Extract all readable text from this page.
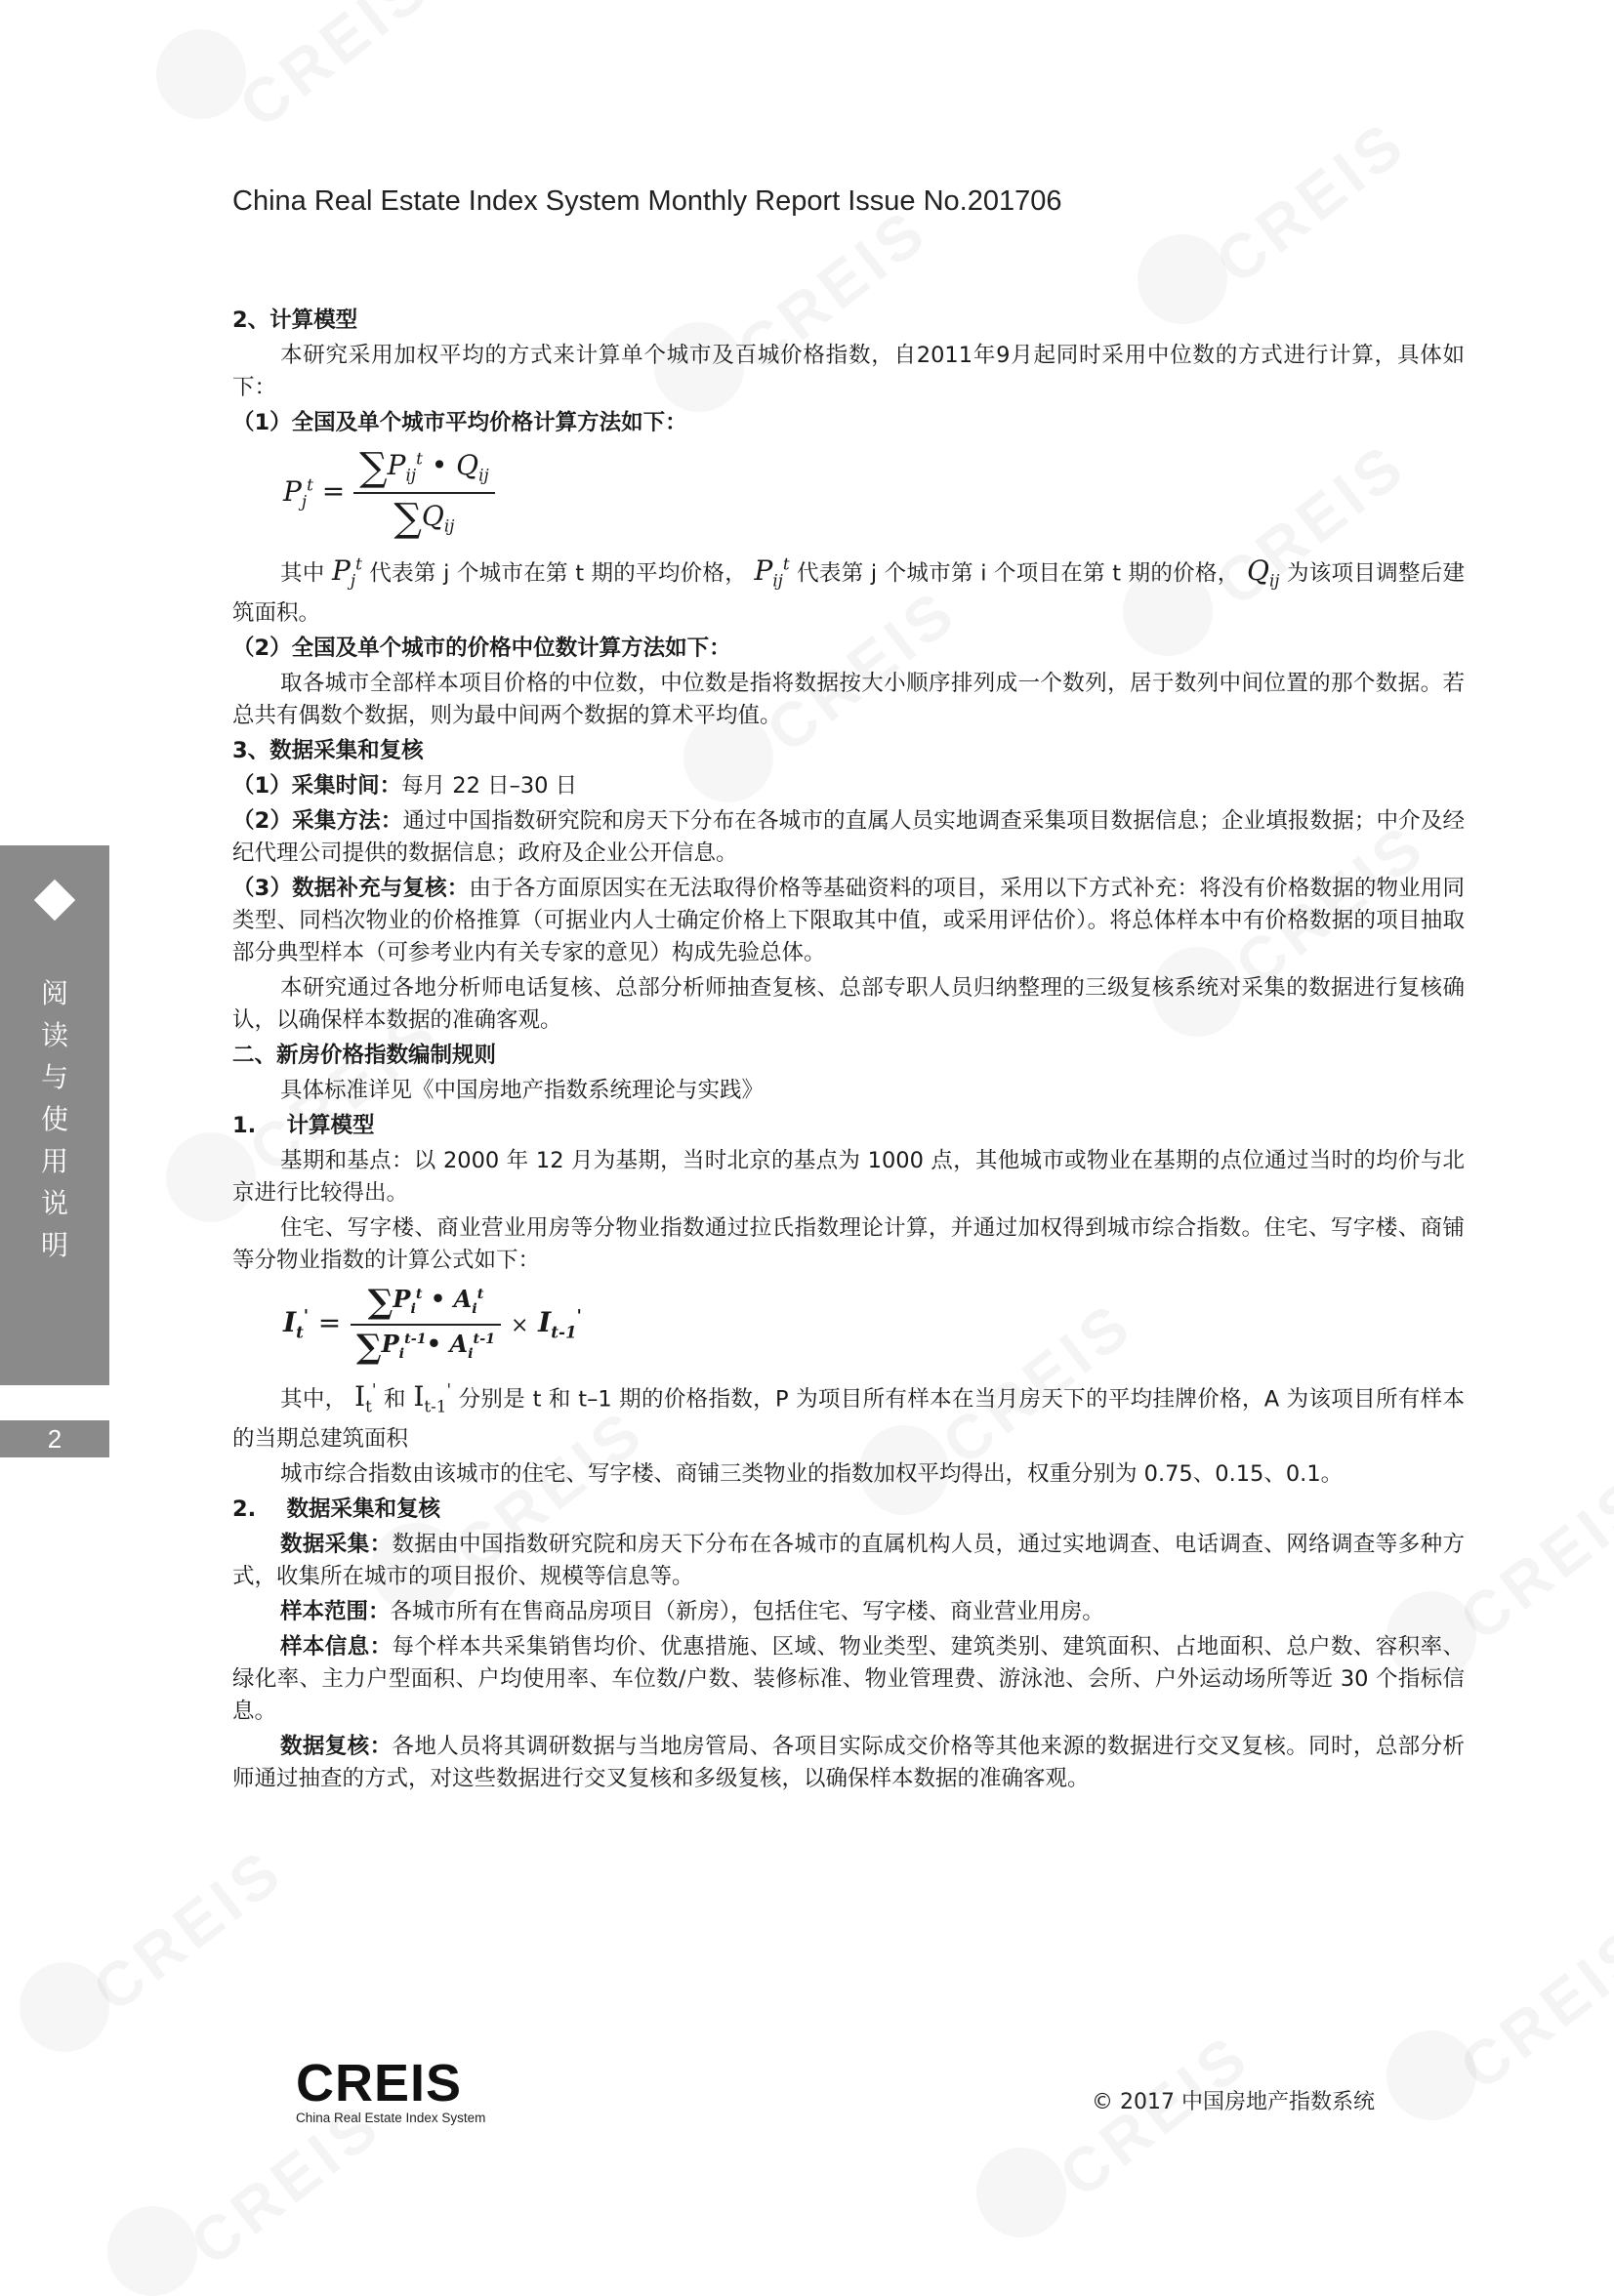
China Real Estate Index System Monthly Report Issue No.201706

2、计算模型

本研究采用加权平均的方式来计算单个城市及百城价格指数，自2011年9月起同时采用中位数的方式进行计算，具体如下：

（1）全国及单个城市平均价格计算方法如下：

$P_j^t = \frac{\sum P_{ij}^t • Q_{ij}}{\sum Q_{ij}}$

其中 $P_j^t$ 代表第 j 个城市在第 t 期的平均价格， $P_{ij}^t$ 代表第 j 个城市第 i 个项目在第 t 期的价格， $Q_{ij}$ 为该项目调整后建筑面积。

（2）全国及单个城市的价格中位数计算方法如下：

取各城市全部样本项目价格的中位数，中位数是指将数据按大小顺序排列成一个数列，居于数列中间位置的那个数据。若总共有偶数个数据，则为最中间两个数据的算术平均值。

3、数据采集和复核

（1）采集时间：每月 22 日–30 日

（2）采集方法：通过中国指数研究院和房天下分布在各城市的直属人员实地调查采集项目数据信息；企业填报数据；中介及经纪代理公司提供的数据信息；政府及企业公开信息。

（3）数据补充与复核：由于各方面原因实在无法取得价格等基础资料的项目，采用以下方式补充：将没有价格数据的物业用同类型、同档次物业的价格推算（可据业内人士确定价格上下限取其中值，或采用评估价）。将总体样本中有价格数据的项目抽取部分典型样本（可参考业内有关专家的意见）构成先验总体。

本研究通过各地分析师电话复核、总部分析师抽查复核、总部专职人员归纳整理的三级复核系统对采集的数据进行复核确认，以确保样本数据的准确客观。

二、新房价格指数编制规则

具体标准详见《中国房地产指数系统理论与实践》

1.    计算模型

基期和基点：以 2000 年 12 月为基期，当时北京的基点为 1000 点，其他城市或物业在基期的点位通过当时的均价与北京进行比较得出。

住宅、写字楼、商业营业用房等分物业指数通过拉氏指数理论计算，并通过加权得到城市综合指数。住宅、写字楼、商铺等分物业指数的计算公式如下：

$I_t' = \frac{\sum P_i^t • A_i^t}{\sum P_i^{t-1}• A_i^{t-1}} \times I_{t-1}'$

其中， $I_t'$ 和 $I_{t-1}'$ 分别是 t 和 t–1 期的价格指数，P 为项目所有样本在当月房天下的平均挂牌价格，A 为该项目所有样本的当期总建筑面积

城市综合指数由该城市的住宅、写字楼、商铺三类物业的指数加权平均得出，权重分别为 0.75、0.15、0.1。

2.    数据采集和复核

数据采集：数据由中国指数研究院和房天下分布在各城市的直属机构人员，通过实地调查、电话调查、网络调查等多种方式，收集所在城市的项目报价、规模等信息等。

样本范围：各城市所有在售商品房项目（新房），包括住宅、写字楼、商业营业用房。

样本信息：每个样本共采集销售均价、优惠措施、区域、物业类型、建筑类别、建筑面积、占地面积、总户数、容积率、绿化率、主力户型面积、户均使用率、车位数/户数、装修标准、物业管理费、游泳池、会所、户外运动场所等近 30 个指标信息。

数据复核：各地人员将其调研数据与当地房管局、各项目实际成交价格等其他来源的数据进行交叉复核。同时，总部分析师通过抽查的方式，对这些数据进行交叉复核和多级复核，以确保样本数据的准确客观。

阅
读
与
使
用
说
明
2
CREIS
China Real Estate Index System
© 2017 中国房地产指数系统
